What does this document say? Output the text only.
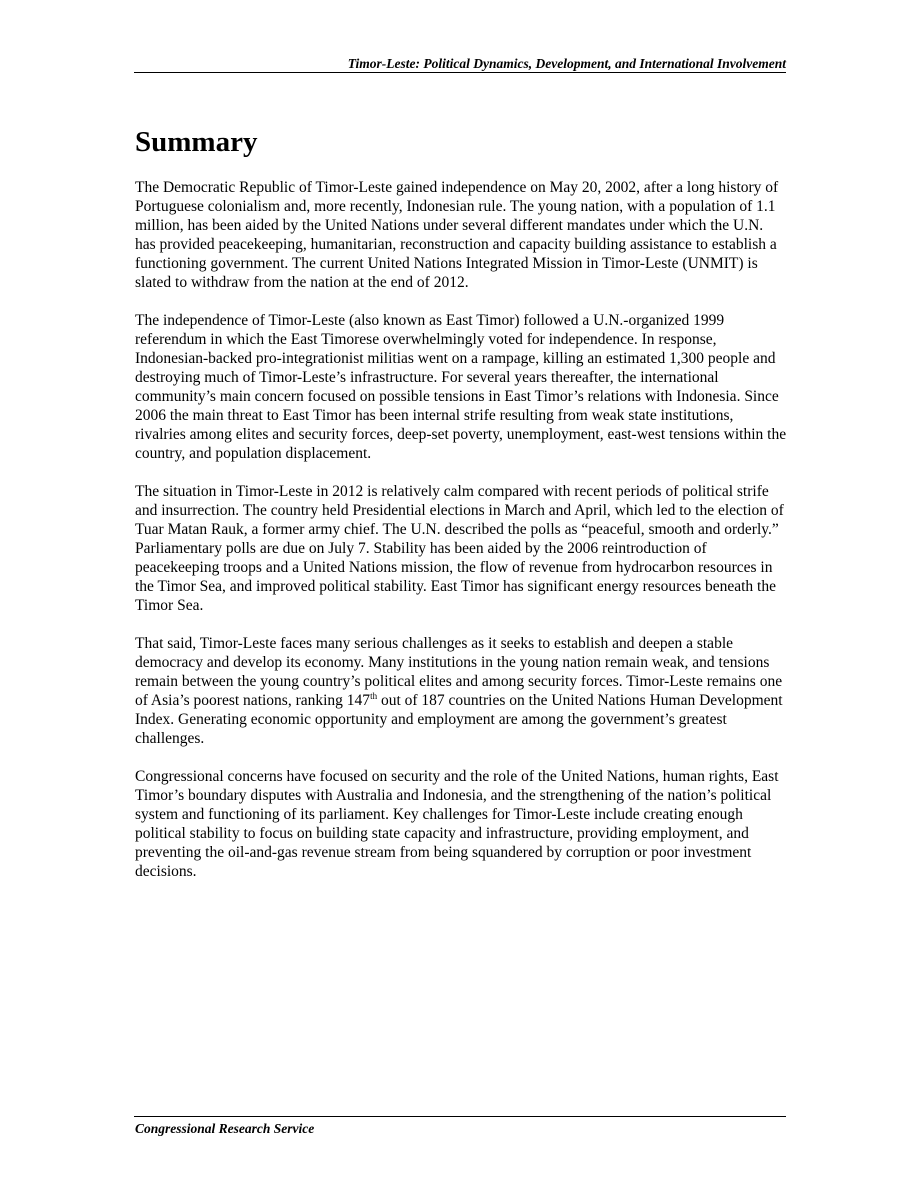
Timor-Leste: Political Dynamics, Development, and International Involvement
Summary

The Democratic Republic of Timor-Leste gained independence on May 20, 2002, after a long history of Portuguese colonialism and, more recently, Indonesian rule. The young nation, with a population of 1.1 million, has been aided by the United Nations under several different mandates under which the U.N. has provided peacekeeping, humanitarian, reconstruction and capacity building assistance to establish a functioning government. The current United Nations Integrated Mission in Timor-Leste (UNMIT) is slated to withdraw from the nation at the end of 2012.

The independence of Timor-Leste (also known as East Timor) followed a U.N.-organized 1999 referendum in which the East Timorese overwhelmingly voted for independence. In response, Indonesian-backed pro-integrationist militias went on a rampage, killing an estimated 1,300 people and destroying much of Timor-Leste’s infrastructure. For several years thereafter, the international community’s main concern focused on possible tensions in East Timor’s relations with Indonesia. Since 2006 the main threat to East Timor has been internal strife resulting from weak state institutions, rivalries among elites and security forces, deep-set poverty, unemployment, east-west tensions within the country, and population displacement.

The situation in Timor-Leste in 2012 is relatively calm compared with recent periods of political strife and insurrection. The country held Presidential elections in March and April, which led to the election of Tuar Matan Rauk, a former army chief. The U.N. described the polls as “peaceful, smooth and orderly.” Parliamentary polls are due on July 7. Stability has been aided by the 2006 reintroduction of peacekeeping troops and a United Nations mission, the flow of revenue from hydrocarbon resources in the Timor Sea, and improved political stability. East Timor has significant energy resources beneath the Timor Sea.

That said, Timor-Leste faces many serious challenges as it seeks to establish and deepen a stable democracy and develop its economy. Many institutions in the young nation remain weak, and tensions remain between the young country’s political elites and among security forces. Timor-Leste remains one of Asia’s poorest nations, ranking 147th out of 187 countries on the United Nations Human Development Index. Generating economic opportunity and employment are among the government’s greatest challenges.

Congressional concerns have focused on security and the role of the United Nations, human rights, East Timor’s boundary disputes with Australia and Indonesia, and the strengthening of the nation’s political system and functioning of its parliament. Key challenges for Timor-Leste include creating enough political stability to focus on building state capacity and infrastructure, providing employment, and preventing the oil-and-gas revenue stream from being squandered by corruption or poor investment decisions.

Congressional Research Service
